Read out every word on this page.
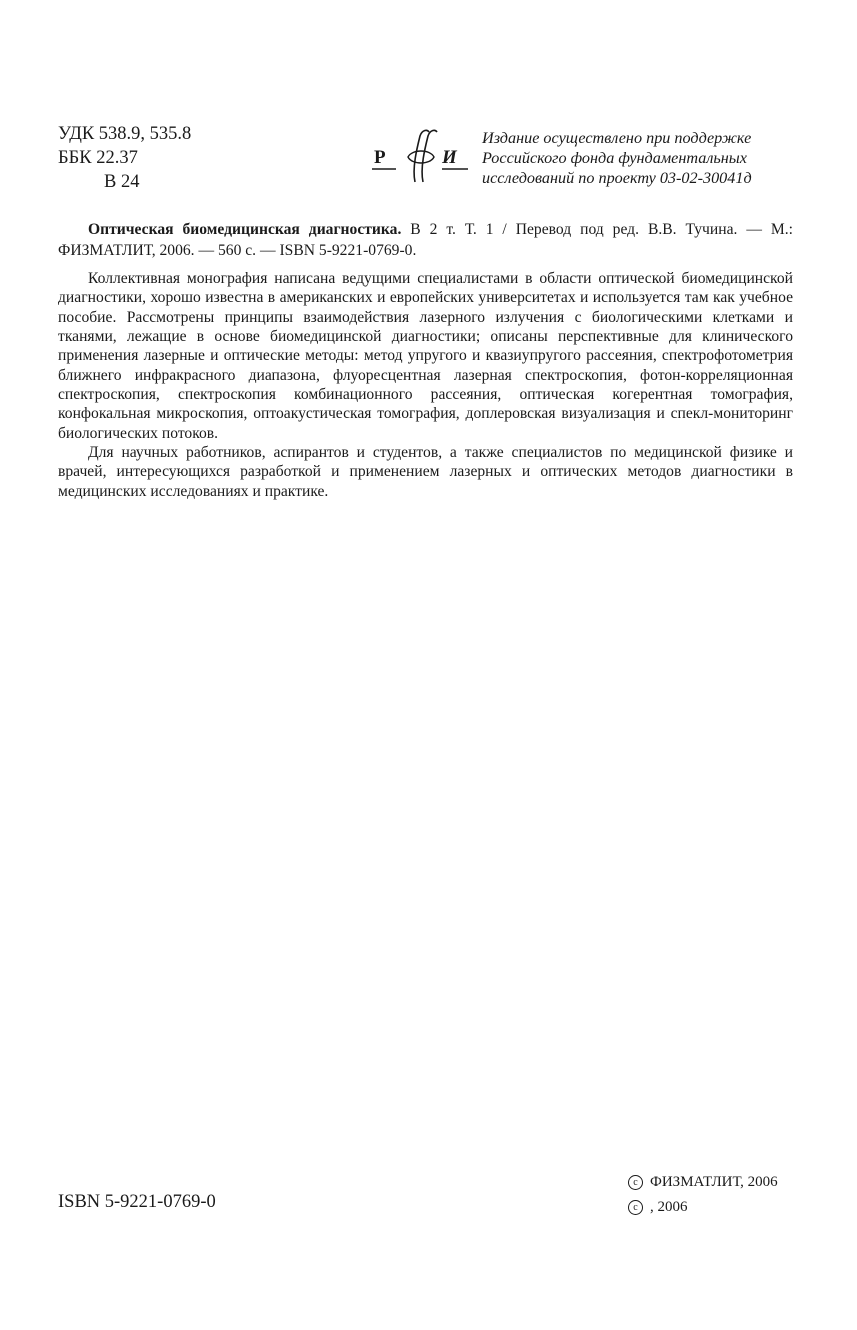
УДК 538.9, 535.8
ББК 22.37
В 24
Р	И
Издание осуществлено при поддержке
Российского фонда фундаментальных
исследований по проекту 03-02-30041д

Оптическая биомедицинская диагностика. В 2 т. Т. 1 / Перевод под ред. В.В. Тучина. — М.: ФИЗМАТЛИТ, 2006. — 560 с. — ISBN 5-9221-0769-0.

Коллективная монография написана ведущими специалистами в области оптической биомедицинской диагностики, хорошо известна в американских и европейских университетах и используется там как учебное пособие. Рассмотрены принципы взаимодействия лазерного излучения с биологическими клетками и тканями, лежащие в основе биомедицинской диагностики; описаны перспективные для клинического применения лазерные и оптические методы: метод упругого и квазиупругого рассеяния, спектрофотометрия ближнего инфракрасного диапазона, флуоресцентная лазерная спектроскопия, фотон-корреляционная спектроскопия, спектроскопия комбинационного рассеяния, оптическая когерентная томография, конфокальная микроскопия, оптоакустическая томография, доплеровская визуализация и спекл-мониторинг биологических потоков.

Для научных работников, аспирантов и студентов, а также специалистов по медицинской физике и врачей, интересующихся разработкой и применением лазерных и оптических методов диагностики в медицинских исследованиях и практике.

ISBN 5-9221-0769-0
c ФИЗМАТЛИТ, 2006
c , 2006
